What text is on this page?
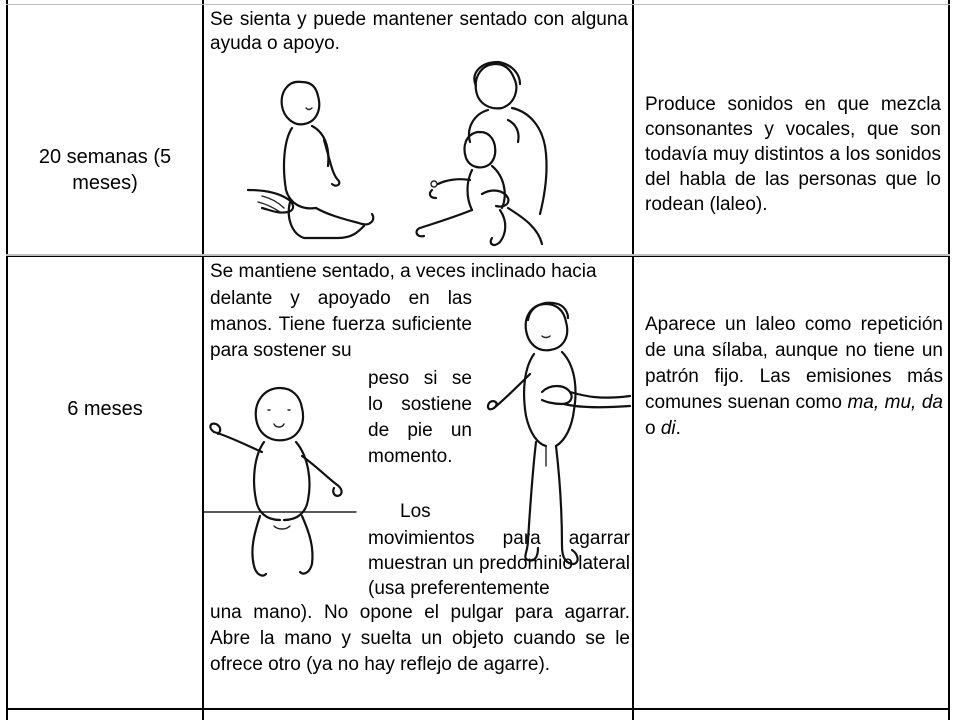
20 semanas (5 meses)
Se sienta y puede mantener sentado con alguna ayuda o apoyo.
Produce sonidos en que mezcla consonantes y vocales, que son todavía muy distintos a los sonidos del habla de las personas que lo rodean (laleo).
6 meses
Se mantiene sentado, a veces inclinado hacia
delante y apoyado en las manos. Tiene fuerza suficiente para sostener su
peso si se lo sostiene de pie un momento.
Los
movimientos para agarrar muestran un predominio lateral (usa preferentemente
una mano). No opone el pulgar para agarrar. Abre la mano y suelta un objeto cuando se le ofrece otro (ya no hay reflejo de agarre).
Aparece un laleo como repetición de una sílaba, aunque no tiene un patrón fijo. Las emisiones más comunes suenan como ma, mu, da o di.
